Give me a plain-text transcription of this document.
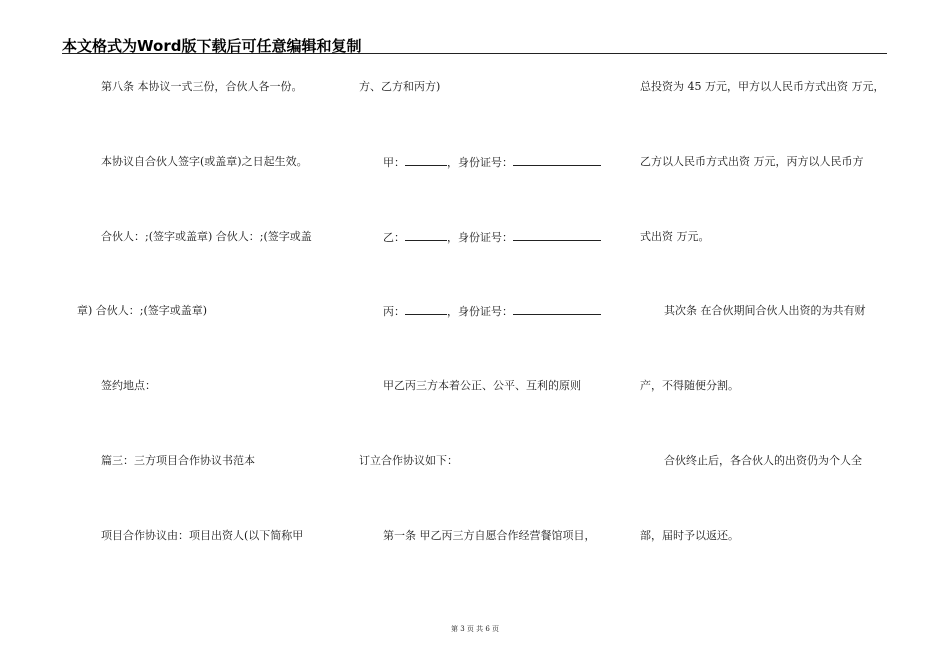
本文格式为Word版下载后可任意编辑和复制
第八条 本协议一式三份，合伙人各一份。
本协议自合伙人签字(或盖章)之日起生效。
合伙人：;(签字或盖章) 合伙人：;(签字或盖
章) 合伙人：;(签字或盖章)
签约地点：
篇三：三方项目合作协议书范本
项目合作协议由：项目出资人(以下简称甲
方、乙方和丙方)
甲：	，身份证号：
乙：	，身份证号：
丙：	，身份证号：
甲乙丙三方本着公正、公平、互利的原则
订立合作协议如下：
第一条 甲乙丙三方自愿合作经营餐馆项目，
总投资为 45 万元，甲方以人民币方式出资 万元，
乙方以人民币方式出资 万元，丙方以人民币方
式出资 万元。
其次条 在合伙期间合伙人出资的为共有财
产，不得随便分割。
合伙终止后，各合伙人的出资仍为个人全
部，届时予以返还。
第 3 页 共 6 页
